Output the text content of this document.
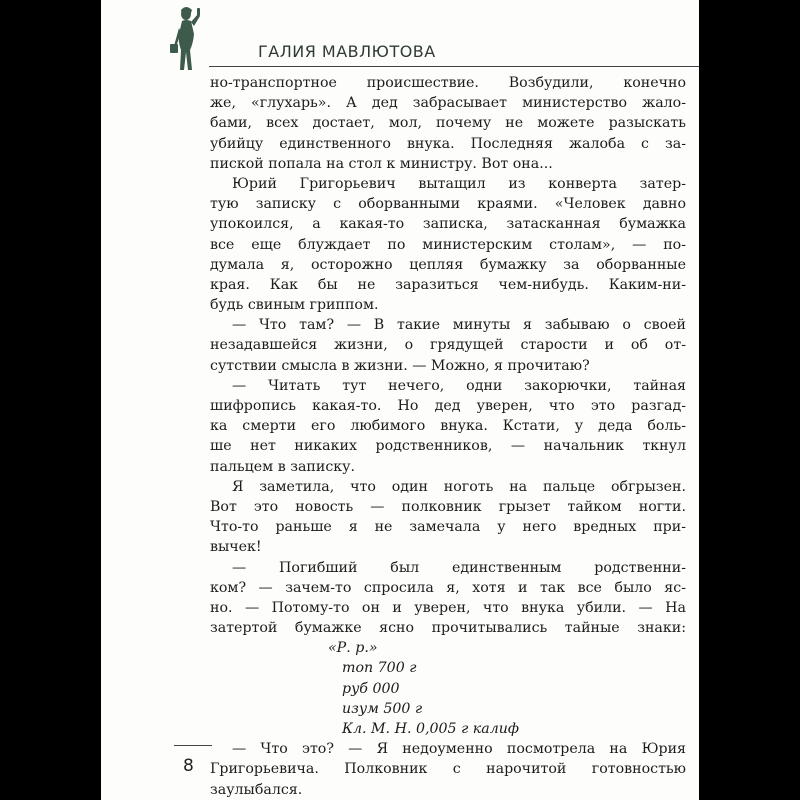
ГАЛИЯ МАВЛЮТОВА
но-транспортное происшествие. Возбудили, конечно
же, «глухарь». А дед забрасывает министерство жало-
бами, всех достает, мол, почему не можете разыскать
убийцу единственного внука. Последняя жалоба с за-
пиской попала на стол к министру. Вот она...
Юрий Григорьевич вытащил из конверта затер-
тую записку с оборванными краями. «Человек давно
упокоился, а какая-то записка, затасканная бумажка
все еще блуждает по министерским столам», — по-
думала я, осторожно цепляя бумажку за оборванные
края. Как бы не заразиться чем-нибудь. Каким-ни-
будь свиным гриппом.
— Что там? — В такие минуты я забываю о своей
незадавшейся жизни, о грядущей старости и об от-
сутствии смысла в жизни. — Можно, я прочитаю?
— Читать тут нечего, одни закорючки, тайная
шифропись какая-то. Но дед уверен, что это разгад-
ка смерти его любимого внука. Кстати, у деда боль-
ше нет никаких родственников, — начальник ткнул
пальцем в записку.
Я заметила, что один ноготь на пальце обгрызен.
Вот это новость — полковник грызет тайком ногти.
Что-то раньше я не замечала у него вредных при-
вычек!
— Погибший был единственным родственни-
ком? — зачем-то спросила я, хотя и так все было яс-
но. — Потому-то он и уверен, что внука убили. — На
затертой бумажке ясно прочитывались тайные знаки:
«Р. р.»
топ 700 г
руб 000
изум 500 г
Кл. М. Н. 0,005 г калиф
— Что это? — Я недоуменно посмотрела на Юрия
Григорьевича. Полковник с нарочитой готовностью
заулыбался.
8
